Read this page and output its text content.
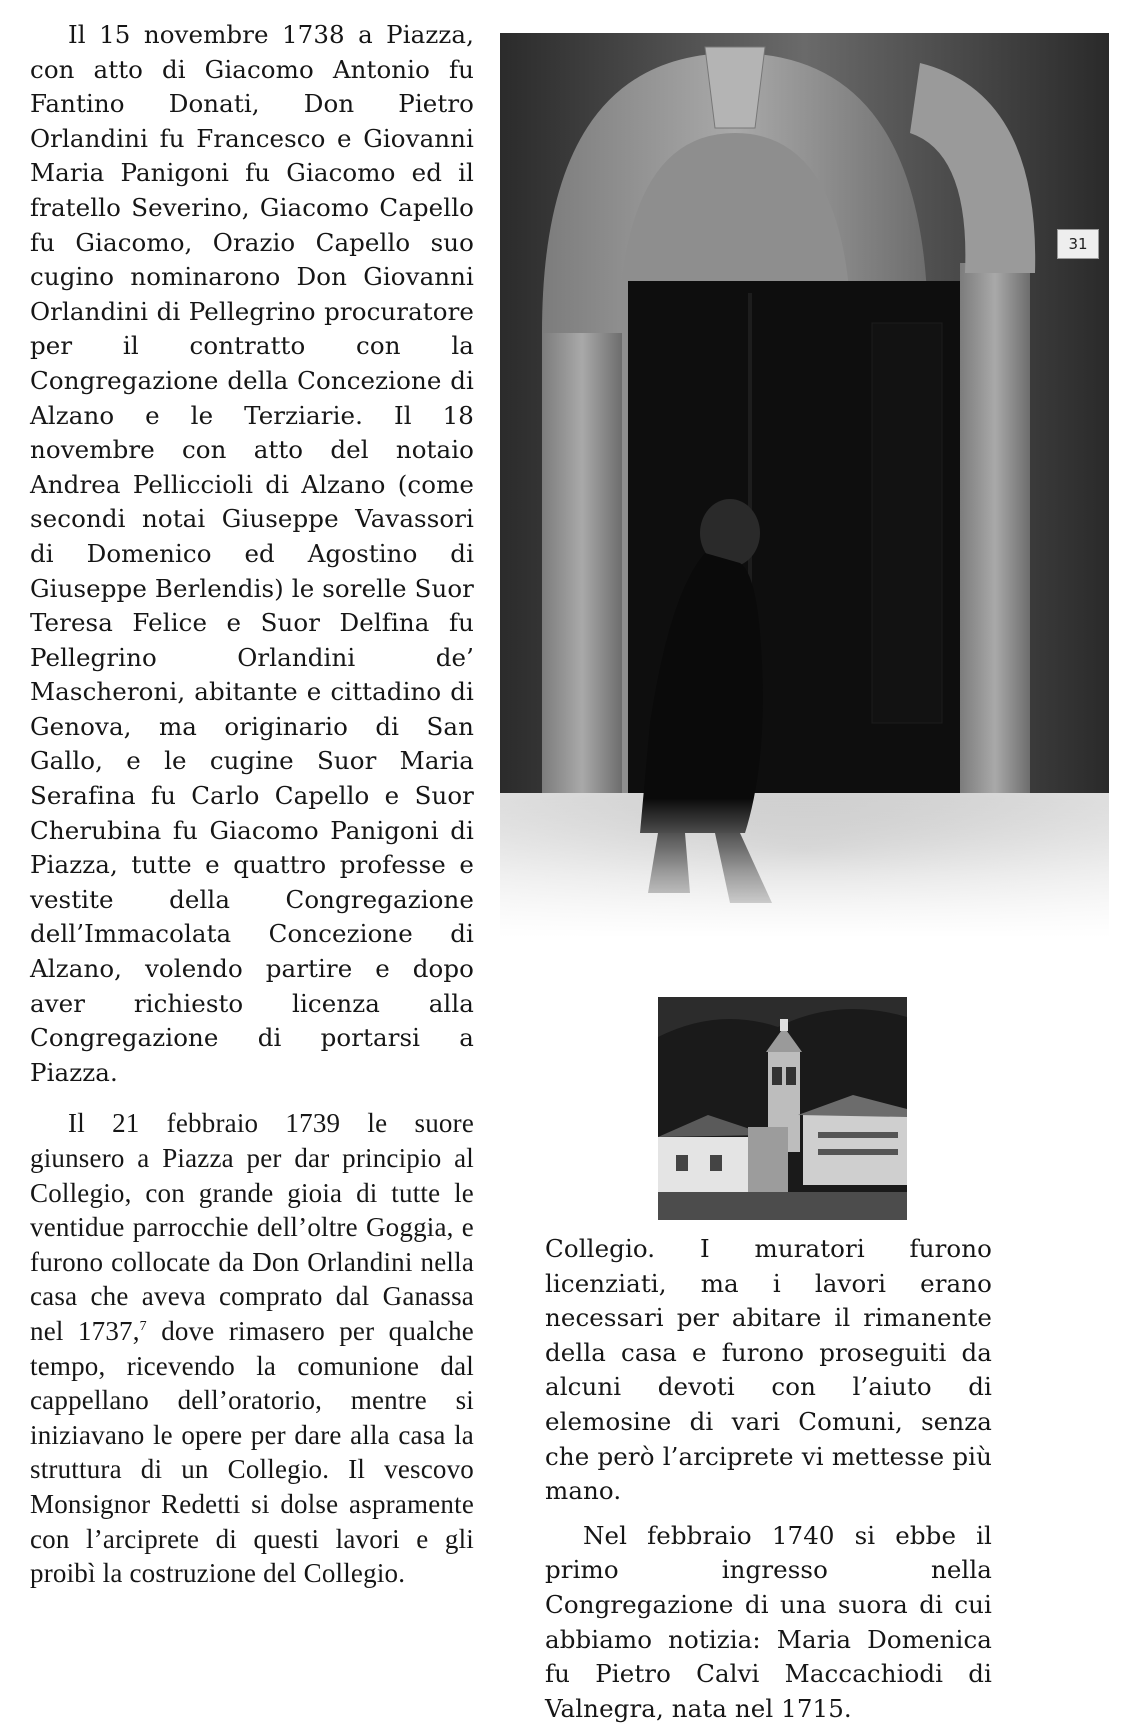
Il 15 novembre 1738 a Piazza, con atto di Giacomo Antonio fu Fantino Donati, Don Pietro Orlandini fu Francesco e Giovanni Maria Panigoni fu Giacomo ed il fratello Severino, Giacomo Capello fu Giacomo, Orazio Capello suo cugino nominarono Don Giovanni Orlandini di Pellegrino procuratore per il contratto con la Congregazione della Concezione di Alzano e le Terziarie. Il 18 novembre con atto del notaio Andrea Pelliccioli di Alzano (come secondi notai Giuseppe Vavassori di Domenico ed Agostino di Giuseppe Berlendis) le sorelle Suor Teresa Felice e Suor Delfina fu Pellegrino Orlandini de’ Mascheroni, abitante e cittadino di Genova, ma originario di San Gallo, e le cugine Suor Maria Serafina fu Carlo Capello e Suor Cherubina fu Giacomo Panigoni di Piazza, tutte e quattro professe e vestite della Congregazione dell’Immacolata Concezione di Alzano, volendo partire e dopo aver richiesto licenza alla Congregazione di portarsi a Piazza.

Il 21 febbraio 1739 le suore giunsero a Piazza per dar principio al Collegio, con grande gioia di tutte le ventidue parrocchie dell’oltre Goggia, e furono collocate da Don Orlandini nella casa che aveva comprato dal Ganassa nel 1737,$^7$ dove rimasero per qualche tempo, ricevendo la comunione dal cappellano dell’oratorio, mentre si iniziavano le opere per dare alla casa la struttura di un Collegio. Il vescovo Monsignor Redetti si dolse aspramente con l’arciprete di questi lavori e gli proibì la costruzione del Collegio.

31

Collegio. I muratori furono licenziati, ma i lavori erano necessari per abitare il rimanente della casa e furono proseguiti da alcuni devoti con l’aiuto di elemosine di vari Comuni, senza che però l’arciprete vi mettesse più mano.

Nel febbraio 1740 si ebbe il primo ingresso nella Congregazione di una suora di cui abbiamo notizia: Maria Domenica fu Pietro Calvi Maccachiodi di Valnegra, nata nel 1715.
